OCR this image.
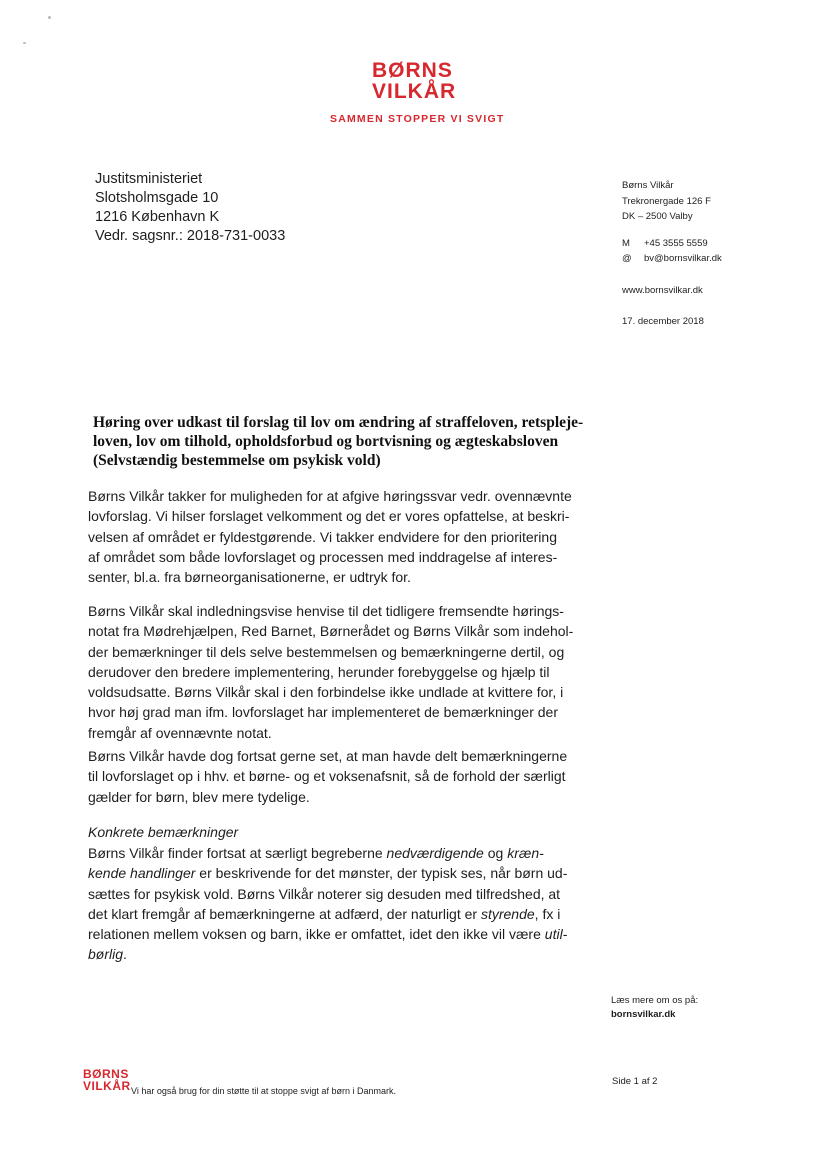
BØRNS
VILKÅR
SAMMEN STOPPER VI SVIGT
Justitsministeriet
Slotsholmsgade 10
1216 København K
Vedr. sagsnr.: 2018-731-0033
Børns Vilkår
Trekronergade 126 F
DK – 2500 Valby
M +45 3555 5559
@ bv@bornsvilkar.dk
www.bornsvilkar.dk
17. december 2018
Høring over udkast til forslag til lov om ændring af straffeloven, retspleje-
loven, lov om tilhold, opholdsforbud og bortvisning og ægteskabsloven
(Selvstændig bestemmelse om psykisk vold)
Børns Vilkår takker for muligheden for at afgive høringssvar vedr. ovennævnte
lovforslag. Vi hilser forslaget velkomment og det er vores opfattelse, at beskri-
velsen af området er fyldestgørende. Vi takker endvidere for den prioritering
af området som både lovforslaget og processen med inddragelse af interes-
senter, bl.a. fra børneorganisationerne, er udtryk for.
Børns Vilkår skal indledningsvise henvise til det tidligere fremsendte hørings-
notat fra Mødrehjælpen, Red Barnet, Børnerådet og Børns Vilkår som indehol-
der bemærkninger til dels selve bestemmelsen og bemærkningerne dertil, og
derudover den bredere implementering, herunder forebyggelse og hjælp til
voldsudsatte. Børns Vilkår skal i den forbindelse ikke undlade at kvittere for, i
hvor høj grad man ifm. lovforslaget har implementeret de bemærkninger der
fremgår af ovennævnte notat.
Børns Vilkår havde dog fortsat gerne set, at man havde delt bemærkningerne
til lovforslaget op i hhv. et børne- og et voksenafsnit, så de forhold der særligt
gælder for børn, blev mere tydelige.
Konkrete bemærkninger
Børns Vilkår finder fortsat at særligt begreberne nedværdigende og kræn-
kende handlinger er beskrivende for det mønster, der typisk ses, når børn ud-
sættes for psykisk vold. Børns Vilkår noterer sig desuden med tilfredshed, at
det klart fremgår af bemærkningerne at adfærd, der naturligt er styrende, fx i
relationen mellem voksen og barn, ikke er omfattet, idet den ikke vil være util-
børlig.
Læs mere om os på:
bornsvilkar.dk
BØRNS
VILKÅR Vi har også brug for din støtte til at stoppe svigt af børn i Danmark.
Side 1 af 2
